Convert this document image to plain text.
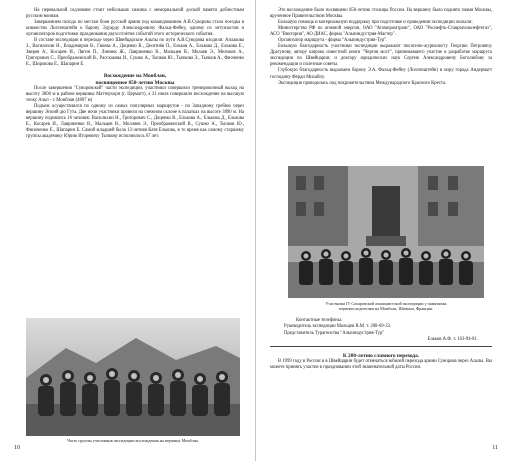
На перевальной седловине стоит небольшая хижина с мемориальной доской памяти доблестным русским воинам.

Завершением похода по местам боев русской армии под командованием А.В.Суворова стала поездка в княжество Лихтенштейн к барону Эдуарду Александровичу Фальц-Фейну, одному из энтузиастов и организаторов подготовки празднования двухсотлетия событий этого исторического события.

В составе экспедиции в переходе через Швейцарские Альпы по пути А.В.Суворова входили: Аплакова З., Василихин Н., Владимиров В., Гвоева А., Доценко В., Десятнёв П., Ельков А., Елькова Д., Елькова Е., Зверев А., Косарев И., Лягин П., Линник Ж., Лавриненко В., Мальцев В., Молаев Э., Меликов А., Григорович С., Преображенский В., Расскакова И., Сушко А., Тычков Ю., Тычкова Э., Тычков А., Фиоченко Е., Широкова Е., Шапарин Е.

Восхождение на Монблан,

посвященное 850-летию Москвы

После завершения "Суворовской" части экспедиции, участники совершили тренировочный выход на высоту 3800 м в районе вершины Маттерхорн (г. Церматт), а 31 июля совершили восхождение на высшую точку Альп - г. Монблан (4807 м)

Подъем осуществлялся по одному из самых популярных маршрутов - по Западному гребню через вершину Эгюий дю Гута. Две ночи участники провели на снежном склоне в палатках на высоте 3890 м. На вершину поднялись 16 человек: Василихин Н., Григорович С., Доценко В., Елькова А., Елькова Д., Елькова Е., Косарев И., Лавриненко В., Мальцев В., Молляев Э., Преображенский В., Сушко А., Тычков Ю., Финоченко Е., Шапарин Е. Самой младшей была 12-летняя Катя Елькова, в то время как самому старшему группы академику Юрию Игоревичу Тычкову исполнилось 67 лет.

Часть группы участников экспедиции восхождения на вершину Монблан.

10

Это восхождение было посвящено 850-летию столицы России. На вершину было поднято знамя Москвы, врученное Правительством Москвы.

Большую помощь и материальную поддержку при подготовке и проведении экспедиции оказали:

Министерство РФ по атомной энергии, ОАО "Атомпромтранс", ОАО "Роснефть-Ставропольнефтегаз", АСО "Виктория", АО ДИАС, фирма "Альпиндустрия-Мастер".

Организатор маршрута - фирма "Альпиндустрия-Тур".

Большую благодарность участники экспедиции выражают писателю-журналисту Георгию Петровичу Драгунову, автору широко известной книги "Чертов мост", принимавшего участие в разработке маршрута экспедиции по Швейцарии; и доктору юридических наук Сергею Александровичу Боголюбову за рекомендации и полезные советы.

Глубокую благодарность выражаем барону Э.А. Фальц-Фейну (Лихтенштейн) и мэру города Андерматт господину Ферди Михайлу.

Экспедиция проводилась под покровительством Международного Красного Креста.

Участники IV Сахаровской альпинистской экспедиции у памятника первовосходителям на Монблан, Шамони, Франция.

Контактные телефоны:

Руководитель экспедиции Мальцев В.М. т. 208-69-33.

Представитель Турагенства "Альпиндустрия-Тур"

Ельков А.Ф. т. 163-94-81.

К 200-летию славного перехода.

В 1999 году в России и в Швейцарии будет отмечаться юбилей перехода армии Суворова через Альпы. Вы можете принять участие в праздновании этой знаменательной даты России.

11
